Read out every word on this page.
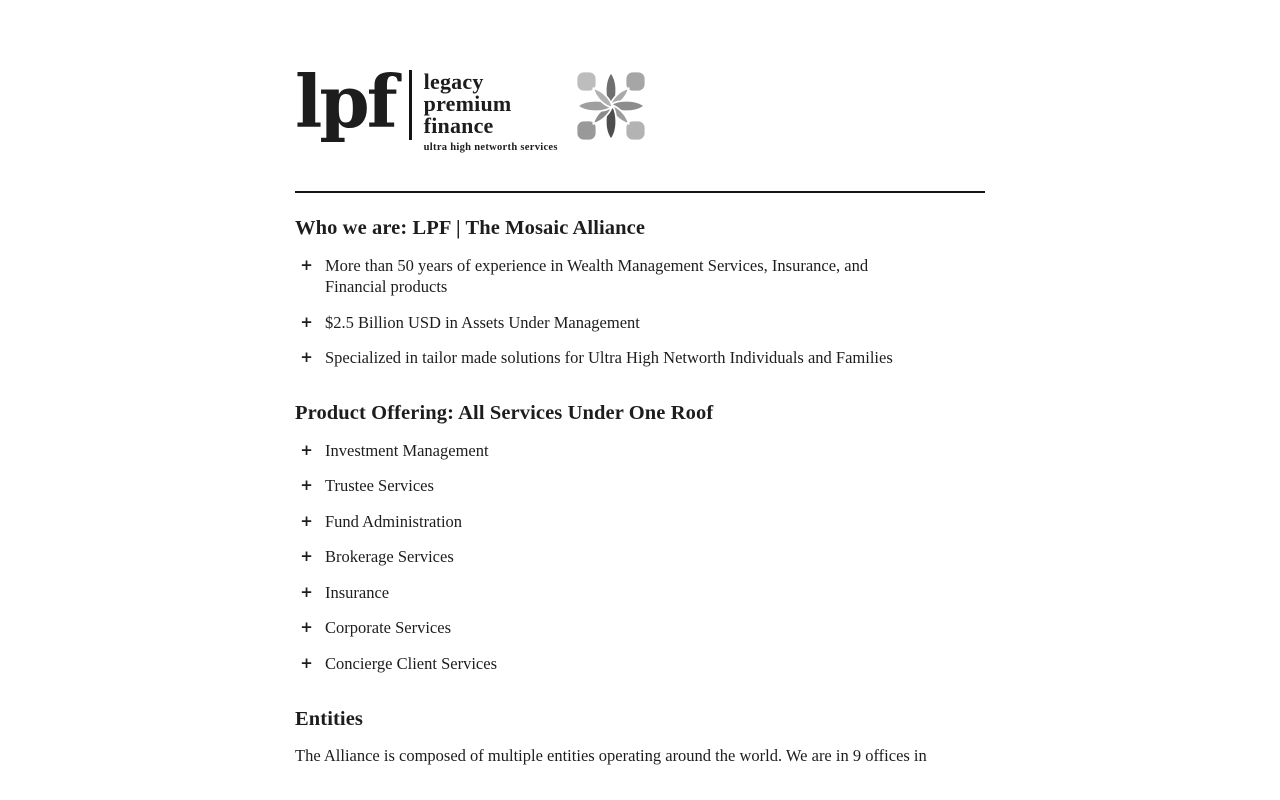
lpf legacy
premium
finance
ultra high networth services
Who we are: LPF | The Mosaic Alliance
+ More than 50 years of experience in Wealth Management Services, Insurance, and Financial products
+ $2.5 Billion USD in Assets Under Management
+ Specialized in tailor made solutions for Ultra High Networth Individuals and Families
Product Offering: All Services Under One Roof
+ Investment Management
+ Trustee Services
+ Fund Administration
+ Brokerage Services
+ Insurance
+ Corporate Services
+ Concierge Client Services
Entities

The Alliance is composed of multiple entities operating around the world. We are in 9 offices in
